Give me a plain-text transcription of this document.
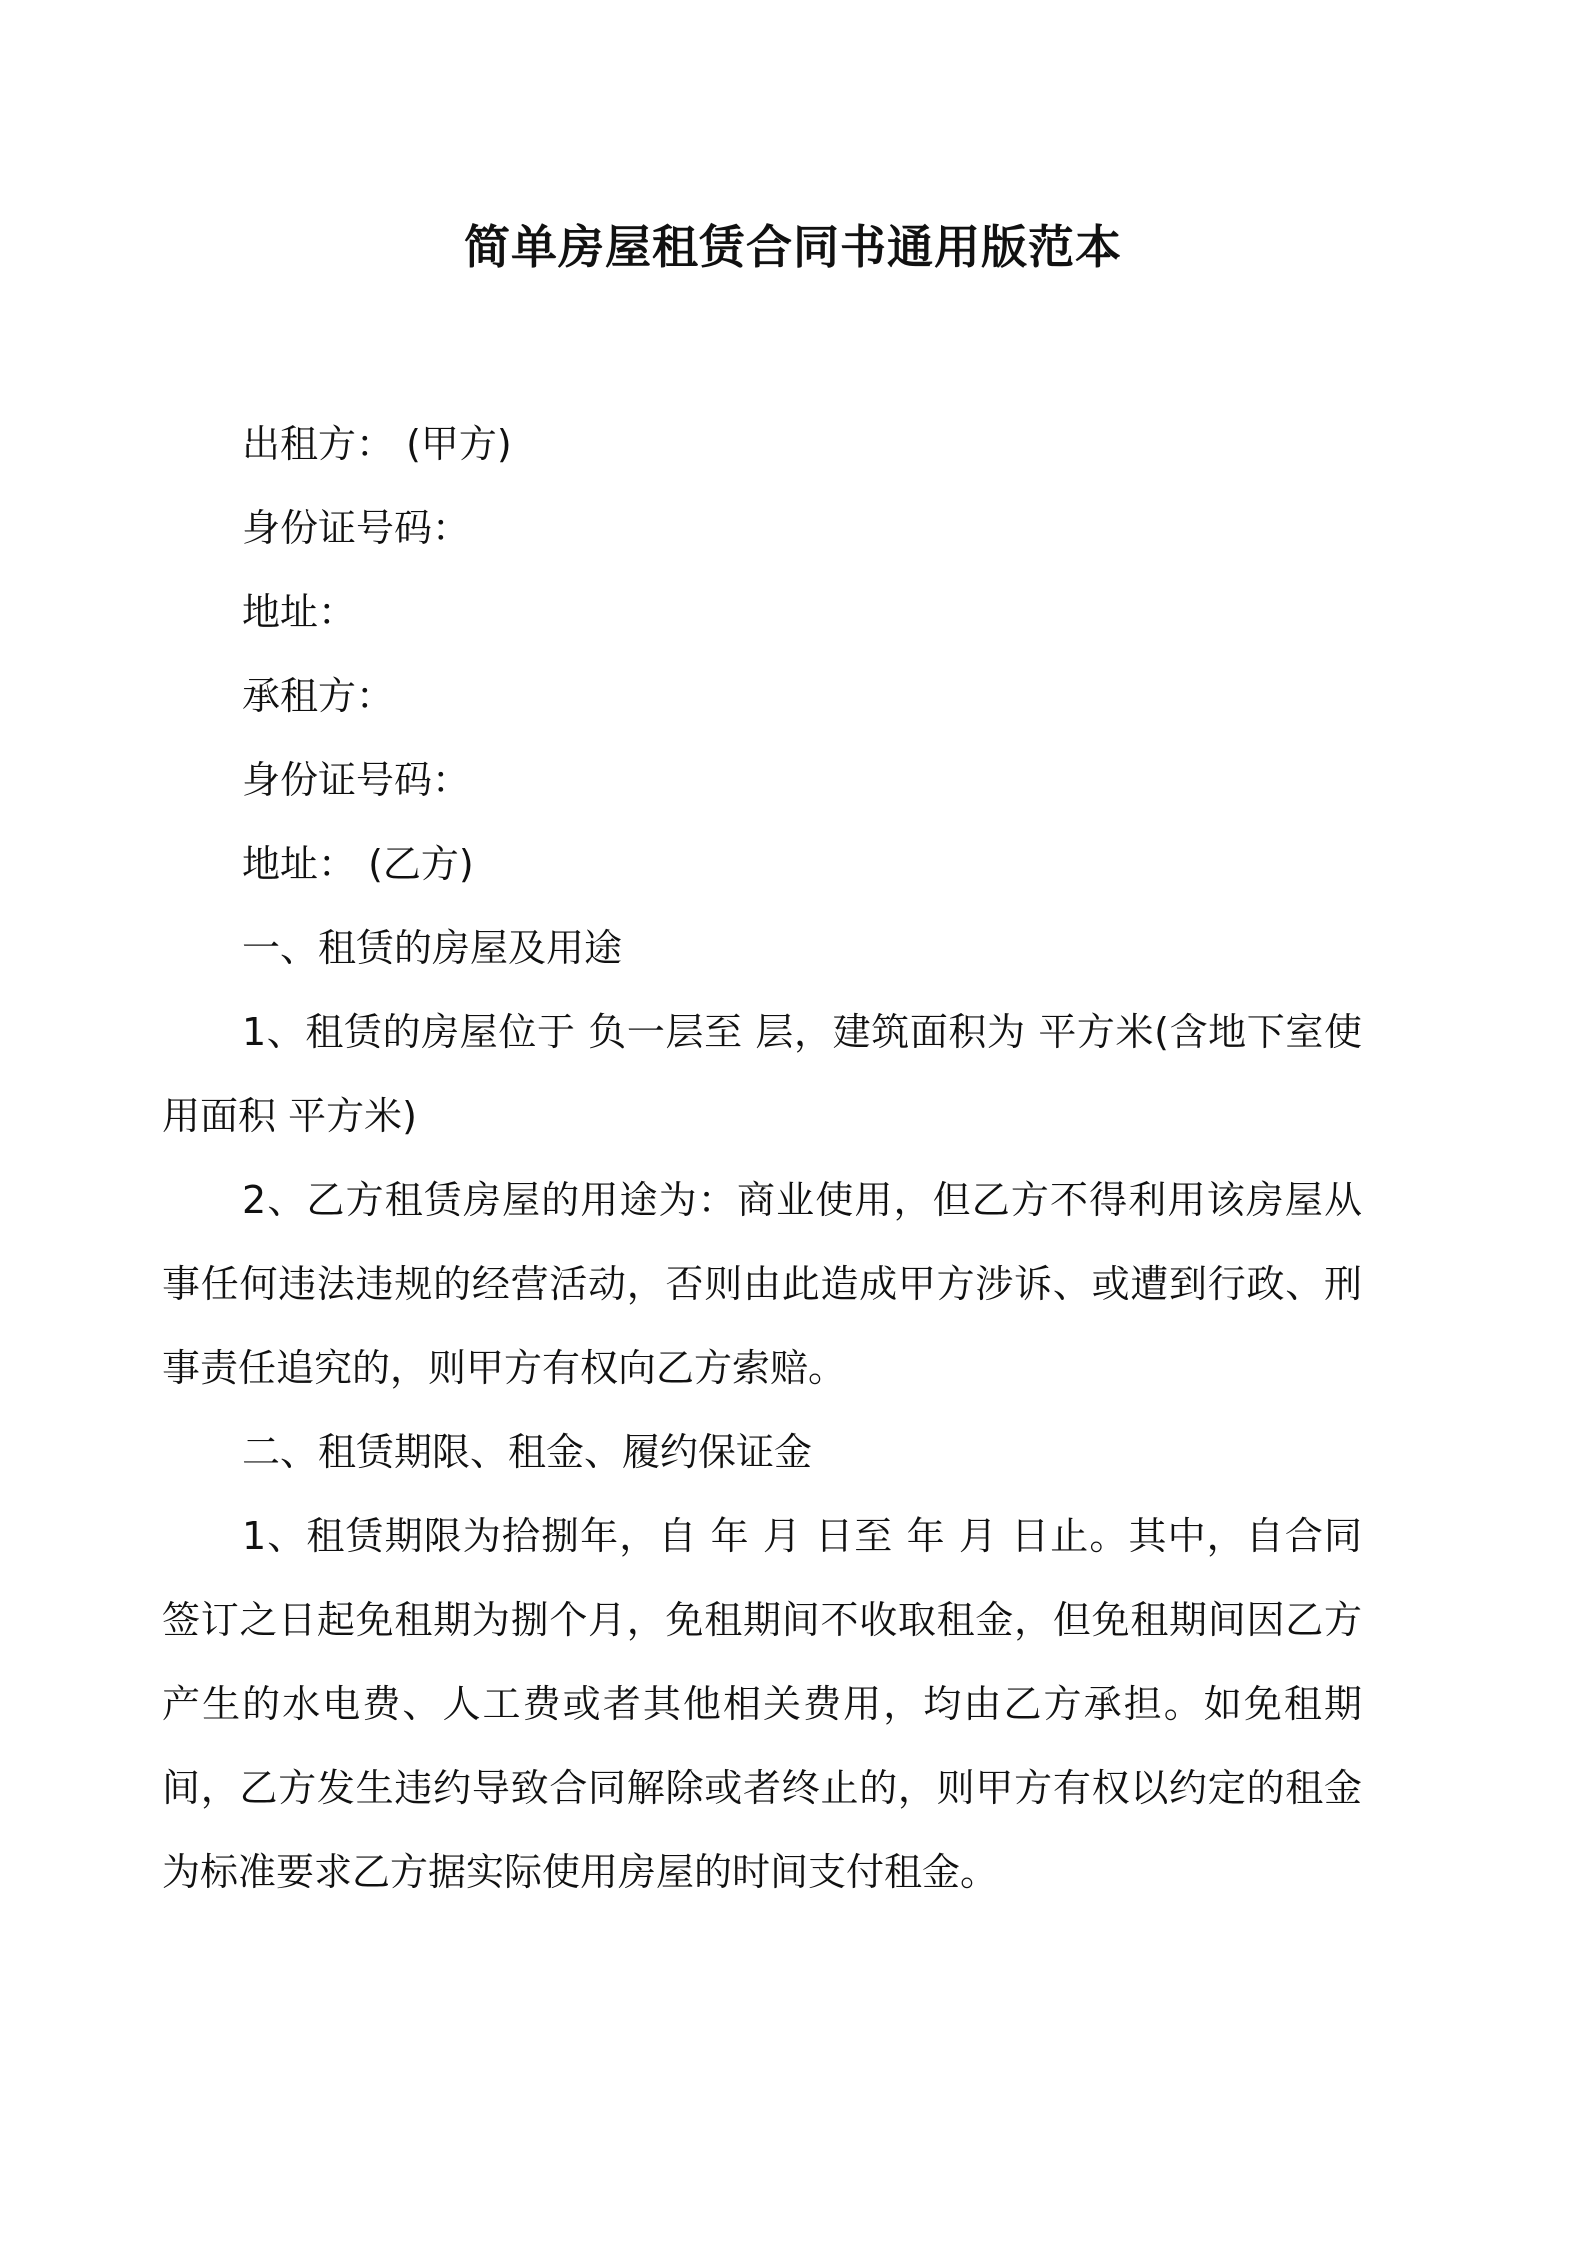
简单房屋租赁合同书通用版范本

出租方： (甲方)

身份证号码：

地址：

承租方：

身份证号码：

地址： (乙方)

一、租赁的房屋及用途

1、租赁的房屋位于 负一层至 层，建筑面积为 平方米(含地下室使用面积 平方米)

2、乙方租赁房屋的用途为：商业使用，但乙方不得利用该房屋从事任何违法违规的经营活动，否则由此造成甲方涉诉、或遭到行政、刑事责任追究的，则甲方有权向乙方索赔。

二、租赁期限、租金、履约保证金

1、租赁期限为拾捌年，自 年 月 日至 年 月 日止。其中，自合同签订之日起免租期为捌个月，免租期间不收取租金，但免租期间因乙方产生的水电费、人工费或者其他相关费用，均由乙方承担。如免租期间，乙方发生违约导致合同解除或者终止的，则甲方有权以约定的租金为标准要求乙方据实际使用房屋的时间支付租金。
